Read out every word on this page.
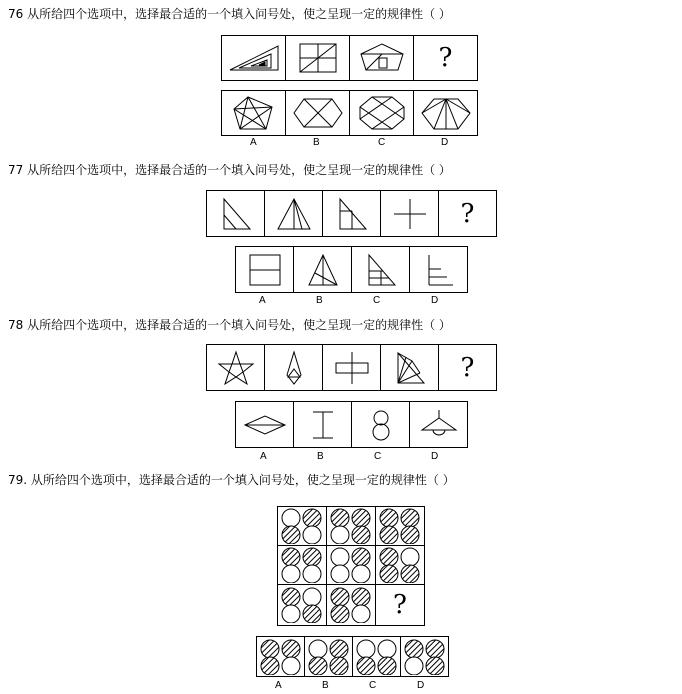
76 从所给四个选项中，选择最合适的一个填入问号处，使之呈现一定的规律性（ ）
?
A	B	C	D
77 从所给四个选项中，选择最合适的一个填入问号处，使之呈现一定的规律性（ ）
?
A	B	C	D
78 从所给四个选项中，选择最合适的一个填入问号处，使之呈现一定的规律性（ ）
?
A	B	C	D
79. 从所给四个选项中，选择最合适的一个填入问号处，使之呈现一定的规律性（ ）
?
A	B	C	D
